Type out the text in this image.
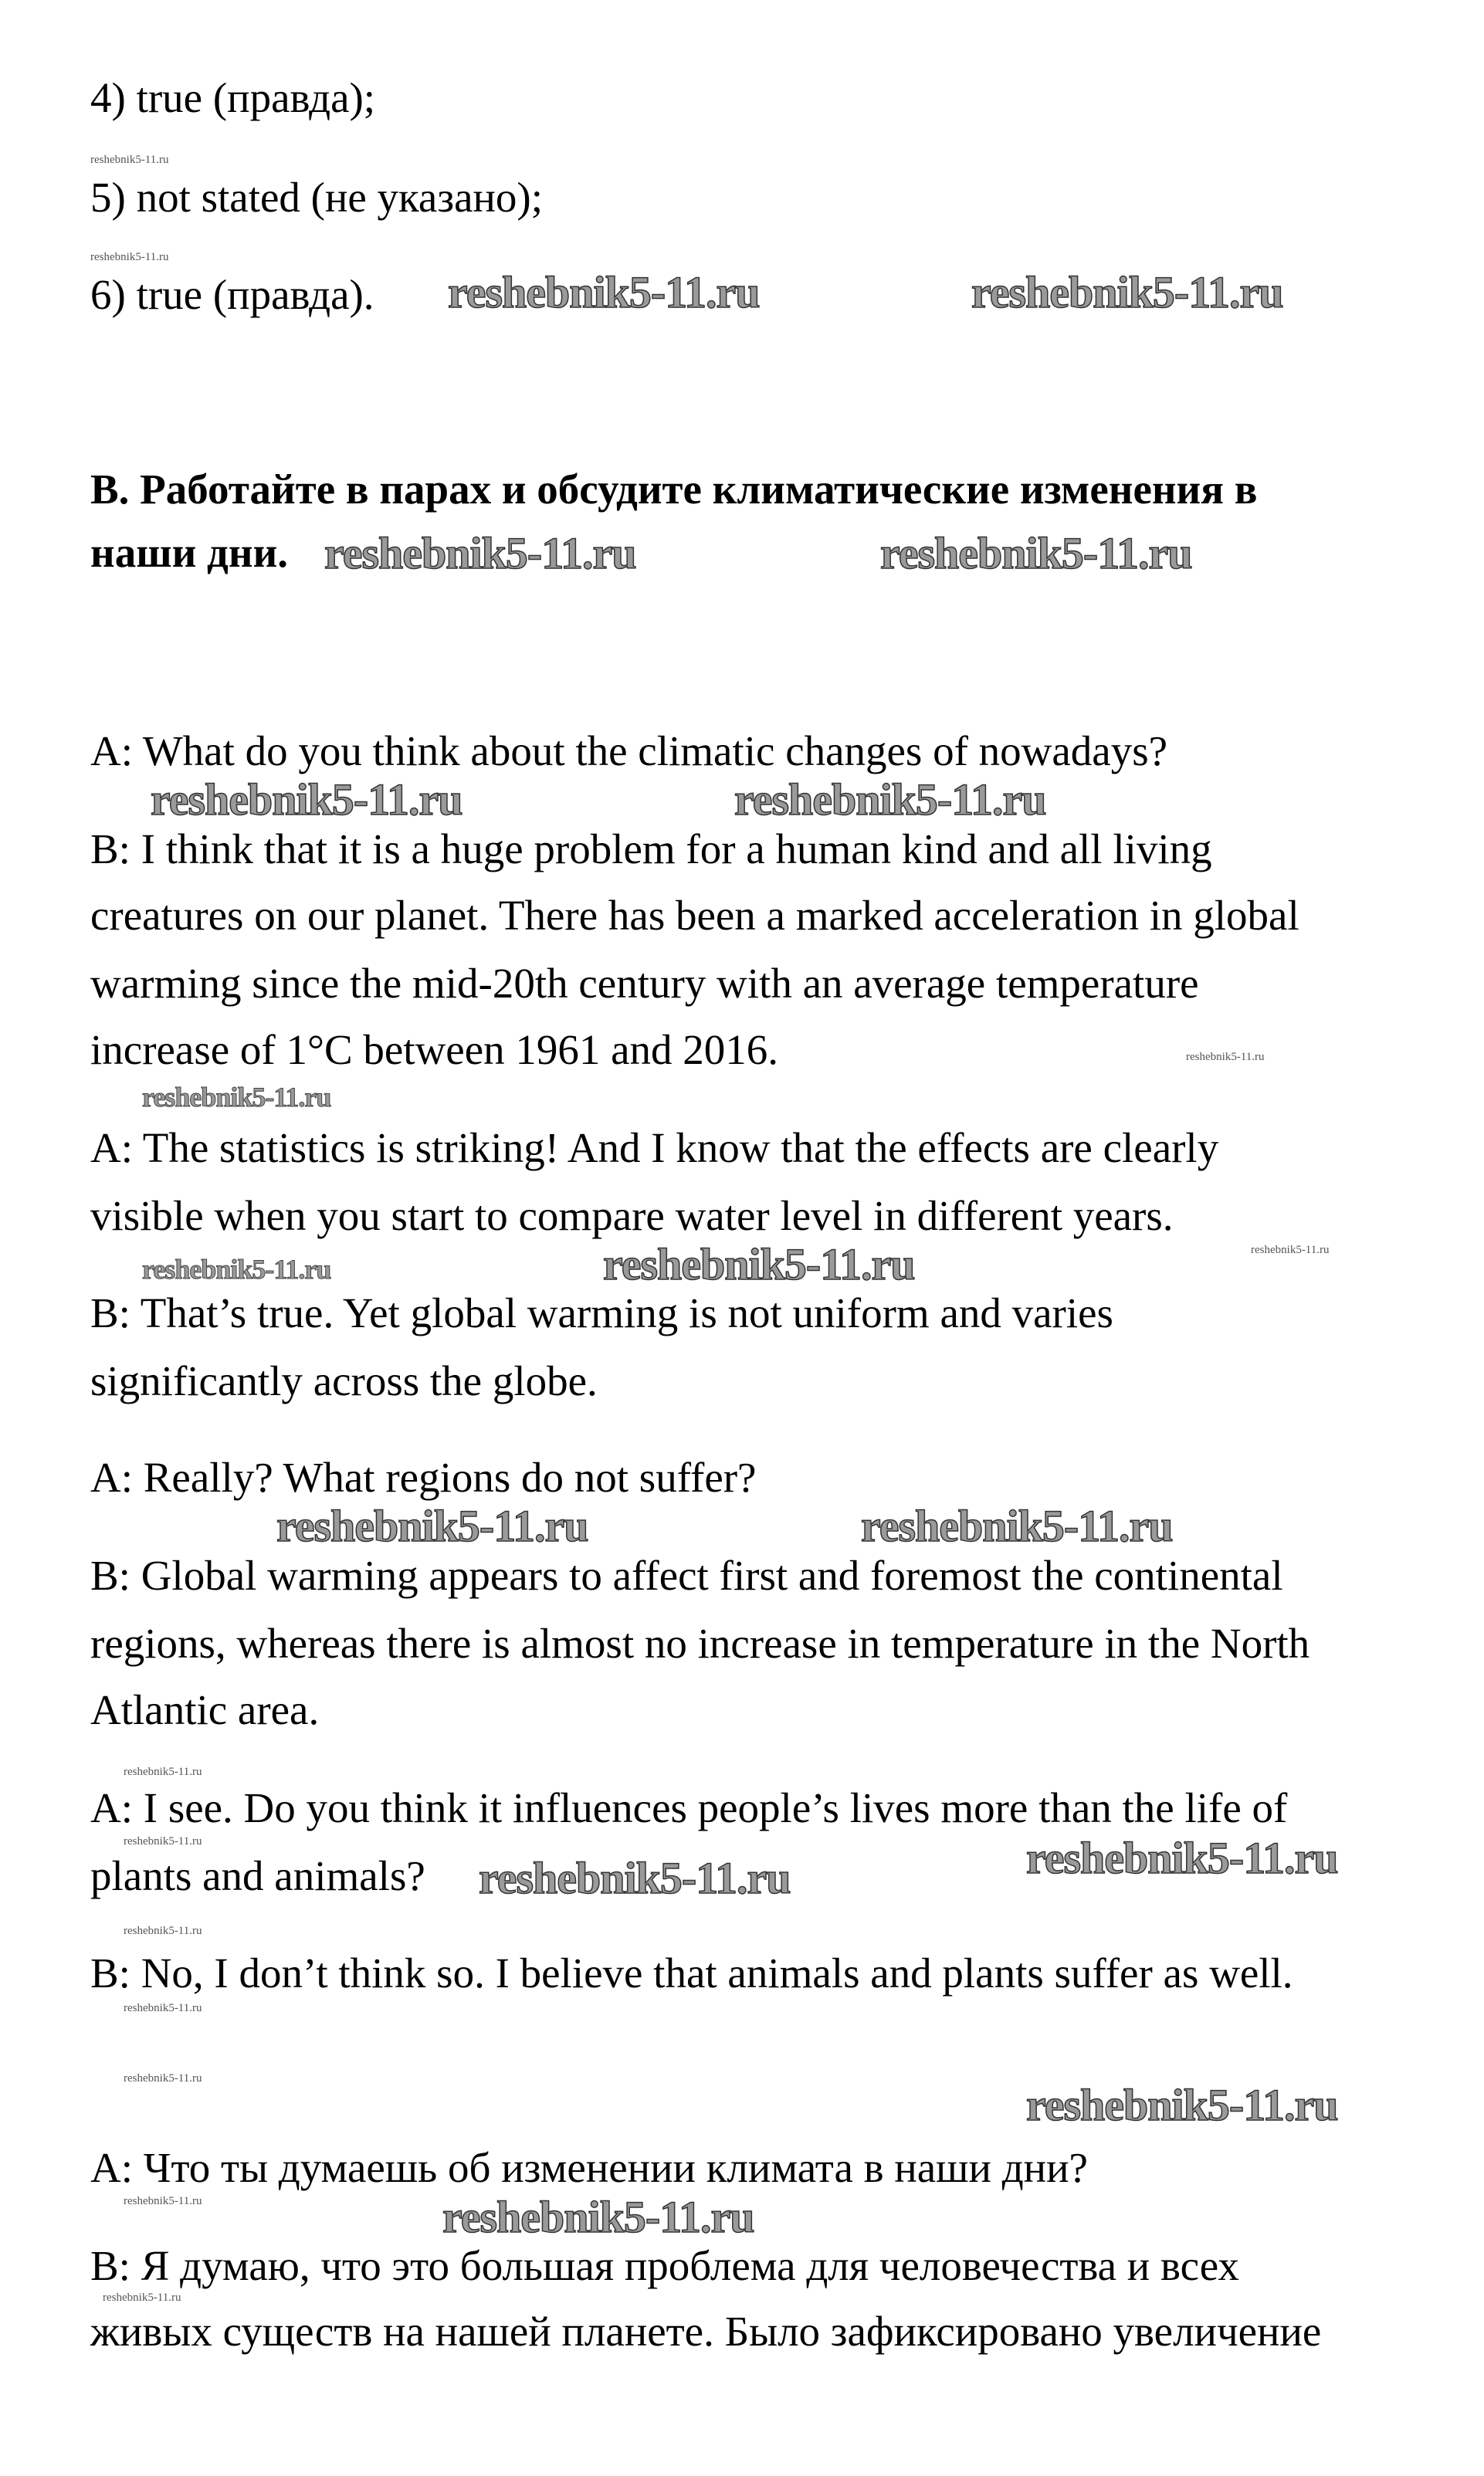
4) true (правда);
5) not stated (не указано);
6) true (правда).
B. Работайте в парах и обсудите климатические изменения в
наши дни.
A: What do you think about the climatic changes of nowadays?
B: I think that it is a huge problem for a human kind and all living
creatures on our planet. There has been a marked acceleration in global
warming since the mid-20th century with an average temperature
increase of 1°C between 1961 and 2016.
A: The statistics is striking! And I know that the effects are clearly
visible when you start to compare water level in different years.
B: That’s true. Yet global warming is not uniform and varies
significantly across the globe.
A: Really? What regions do not suffer?
B: Global warming appears to affect first and foremost the continental
regions, whereas there is almost no increase in temperature in the North
Atlantic area.
A: I see. Do you think it influences people’s lives more than the life of
plants and animals?
B: No, I don’t think so. I believe that animals and plants suffer as well.
A: Что ты думаешь об изменении климата в наши дни?
B: Я думаю, что это большая проблема для человечества и всех
живых существ на нашей планете. Было зафиксировано увеличение
reshebnik5-11.ru
reshebnik5-11.ru
reshebnik5-11.ru	reshebnik5-11.ru
reshebnik5-11.ru	reshebnik5-11.ru
reshebnik5-11.ru	reshebnik5-11.ru
reshebnik5-11.ru
reshebnik5-11.ru
reshebnik5-11.ru
reshebnik5-11.ru	reshebnik5-11.ru
reshebnik5-11.ru	reshebnik5-11.ru
reshebnik5-11.ru
reshebnik5-11.ru
reshebnik5-11.ru
reshebnik5-11.ru
reshebnik5-11.ru
reshebnik5-11.ru
reshebnik5-11.ru
reshebnik5-11.ru
reshebnik5-11.ru	reshebnik5-11.ru
reshebnik5-11.ru
